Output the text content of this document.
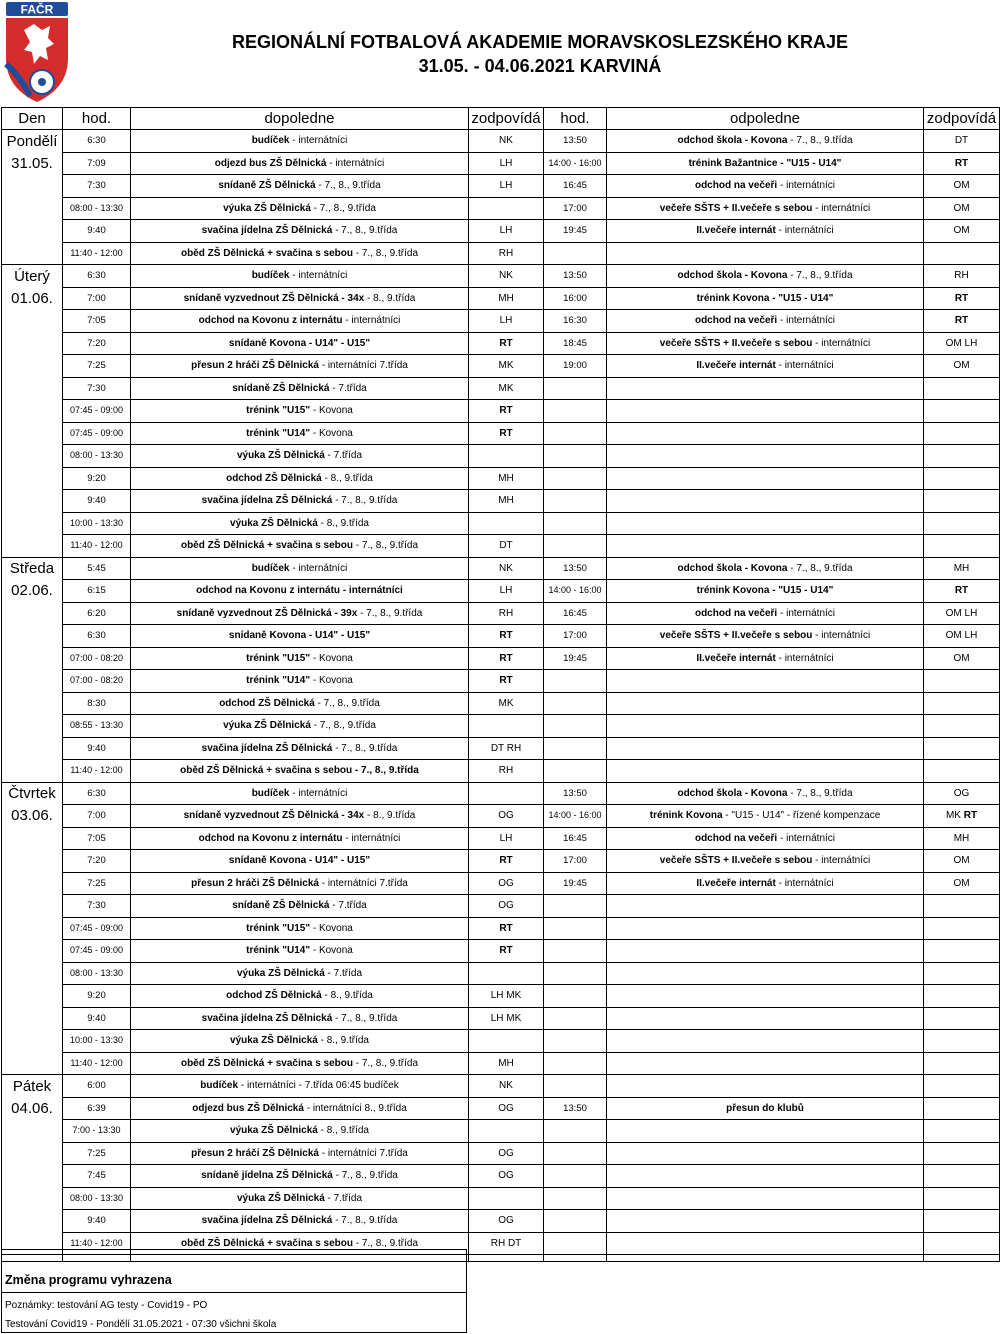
FAČR
REGIONÁLNÍ FOTBALOVÁ AKADEMIE MORAVSKOSLEZSKÉHO KRAJE
31.05. - 04.06.2021 KARVINÁ
Den	hod.	dopoledne	zodpovídá	hod.	odpoledne	zodpovídá
Pondělí	6:30	budíček - internátníci	NK	13:50	odchod škola - Kovona - 7., 8., 9.třída	DT
31.05.	7:09	odjezd bus ZŠ Dělnická - internátníci	LH	14:00 - 16:00	trénink Bažantnice - "U15 - U14"	RT
	7:30	snídaně ZŠ Dělnická - 7., 8., 9.třída	LH	16:45	odchod na večeři - internátníci	OM
	08:00 - 13:30	výuka ZŠ Dělnická - 7., 8., 9.třída		17:00	večeře SŠTS + II.večeře s sebou - internátníci	OM
	9:40	svačina jídelna ZŠ Dělnická - 7., 8., 9.třída	LH	19:45	II.večeře internát - internátníci	OM
	11:40 - 12:00	oběd ZŠ Dělnická + svačina s sebou - 7., 8., 9.třída	RH			
Úterý	6:30	budíček - internátníci	NK	13:50	odchod škola - Kovona - 7., 8., 9.třída	RH
01.06.	7:00	snídaně vyzvednout ZŠ Dělnická - 34x - 8., 9.třída	MH	16:00	trénink Kovona - "U15 - U14"	RT
	7:05	odchod na Kovonu z internátu - internátníci	LH	16:30	odchod na večeři - internátníci	RT
	7:20	snídaně Kovona - U14" - U15"	RT	18:45	večeře SŠTS + II.večeře s sebou - internátníci	OM LH
	7:25	přesun 2 hráči ZŠ Dělnická - internátníci 7.třída	MK	19:00	II.večeře internát - internátníci	OM
	7:30	snídaně ZŠ Dělnická - 7.třída	MK			
	07:45 - 09:00	trénink "U15" - Kovona	RT			
	07:45 - 09:00	trénink "U14" - Kovona	RT			
	08:00 - 13:30	výuka ZŠ Dělnická - 7.třída				
	9:20	odchod ZŠ Dělnická - 8., 9.třída	MH			
	9:40	svačina jídelna ZŠ Dělnická - 7., 8., 9.třída	MH			
	10:00 - 13:30	výuka ZŠ Dělnická - 8., 9.třída				
	11:40 - 12:00	oběd ZŠ Dělnická + svačina s sebou - 7., 8., 9.třída	DT			
Středa	5:45	budíček - internátníci	NK	13:50	odchod škola - Kovona - 7., 8., 9.třída	MH
02.06.	6:15	odchod na Kovonu z internátu - internátníci	LH	14:00 - 16:00	trénink Kovona - "U15 - U14"	RT
	6:20	snídaně vyzvednout ZŠ Dělnická - 39x - 7., 8., 9.třída	RH	16:45	odchod na večeři - internátníci	OM LH
	6:30	snídaně Kovona - U14" - U15"	RT	17:00	večeře SŠTS + II.večeře s sebou - internátníci	OM LH
	07:00 - 08:20	trénink "U15" - Kovona	RT	19:45	II.večeře internát - internátníci	OM
	07:00 - 08:20	trénink "U14" - Kovona	RT			
	8:30	odchod ZŠ Dělnická - 7., 8., 9.třída	MK			
	08:55 - 13:30	výuka ZŠ Dělnická - 7., 8., 9.třída				
	9:40	svačina jídelna ZŠ Dělnická - 7., 8., 9.třída	DT RH			
	11:40 - 12:00	oběd ZŠ Dělnická + svačina s sebou - 7., 8., 9.třída	RH			
Čtvrtek	6:30	budíček - internátníci		13:50	odchod škola - Kovona - 7., 8., 9.třída	OG
03.06.	7:00	snídaně vyzvednout ZŠ Dělnická - 34x - 8., 9.třída	OG	14:00 - 16:00	trénink Kovona - "U15 - U14" - řízené kompenzace	MK RT
	7:05	odchod na Kovonu z internátu - internátníci	LH	16:45	odchod na večeři - internátníci	MH
	7:20	snídaně Kovona - U14" - U15"	RT	17:00	večeře SŠTS + II.večeře s sebou - internátníci	OM
	7:25	přesun 2 hráči ZŠ Dělnická - internátníci 7.třída	OG	19:45	II.večeře internát - internátníci	OM
	7:30	snídaně ZŠ Dělnická - 7.třída	OG			
	07:45 - 09:00	trénink "U15" - Kovona	RT			
	07:45 - 09:00	trénink "U14" - Kovona	RT			
	08:00 - 13:30	výuka ZŠ Dělnická - 7.třída				
	9:20	odchod ZŠ Dělnická - 8., 9.třída	LH MK			
	9:40	svačina jídelna ZŠ Dělnická - 7., 8., 9.třída	LH MK			
	10:00 - 13:30	výuka ZŠ Dělnická - 8., 9.třída				
	11:40 - 12:00	oběd ZŠ Dělnická + svačina s sebou - 7., 8., 9.třída	MH			
Pátek	6:00	budíček - internátníci - 7.třída 06:45 budíček	NK			
04.06.	6:39	odjezd bus ZŠ Dělnická - internátníci 8., 9.třída	OG	13:50	přesun do klubů	
	7:00 - 13:30	výuka ZŠ Dělnická - 8., 9.třída				
	7:25	přesun 2 hráči ZŠ Dělnická - internátníci 7.třída	OG			
	7:45	snídaně jídelna ZŠ Dělnická - 7., 8., 9.třída	OG			
	08:00 - 13:30	výuka ZŠ Dělnická - 7.třída				
	9:40	svačina jídelna ZŠ Dělnická - 7., 8., 9.třída	OG			
	11:40 - 12:00	oběd ZŠ Dělnická + svačina s sebou - 7., 8., 9.třída	RH DT			

Změna programu vyhrazena
Poznámky: testování AG testy - Covid19 - PO
Testování Covid19 - Pondělí 31.05.2021 - 07:30 všichni škola
